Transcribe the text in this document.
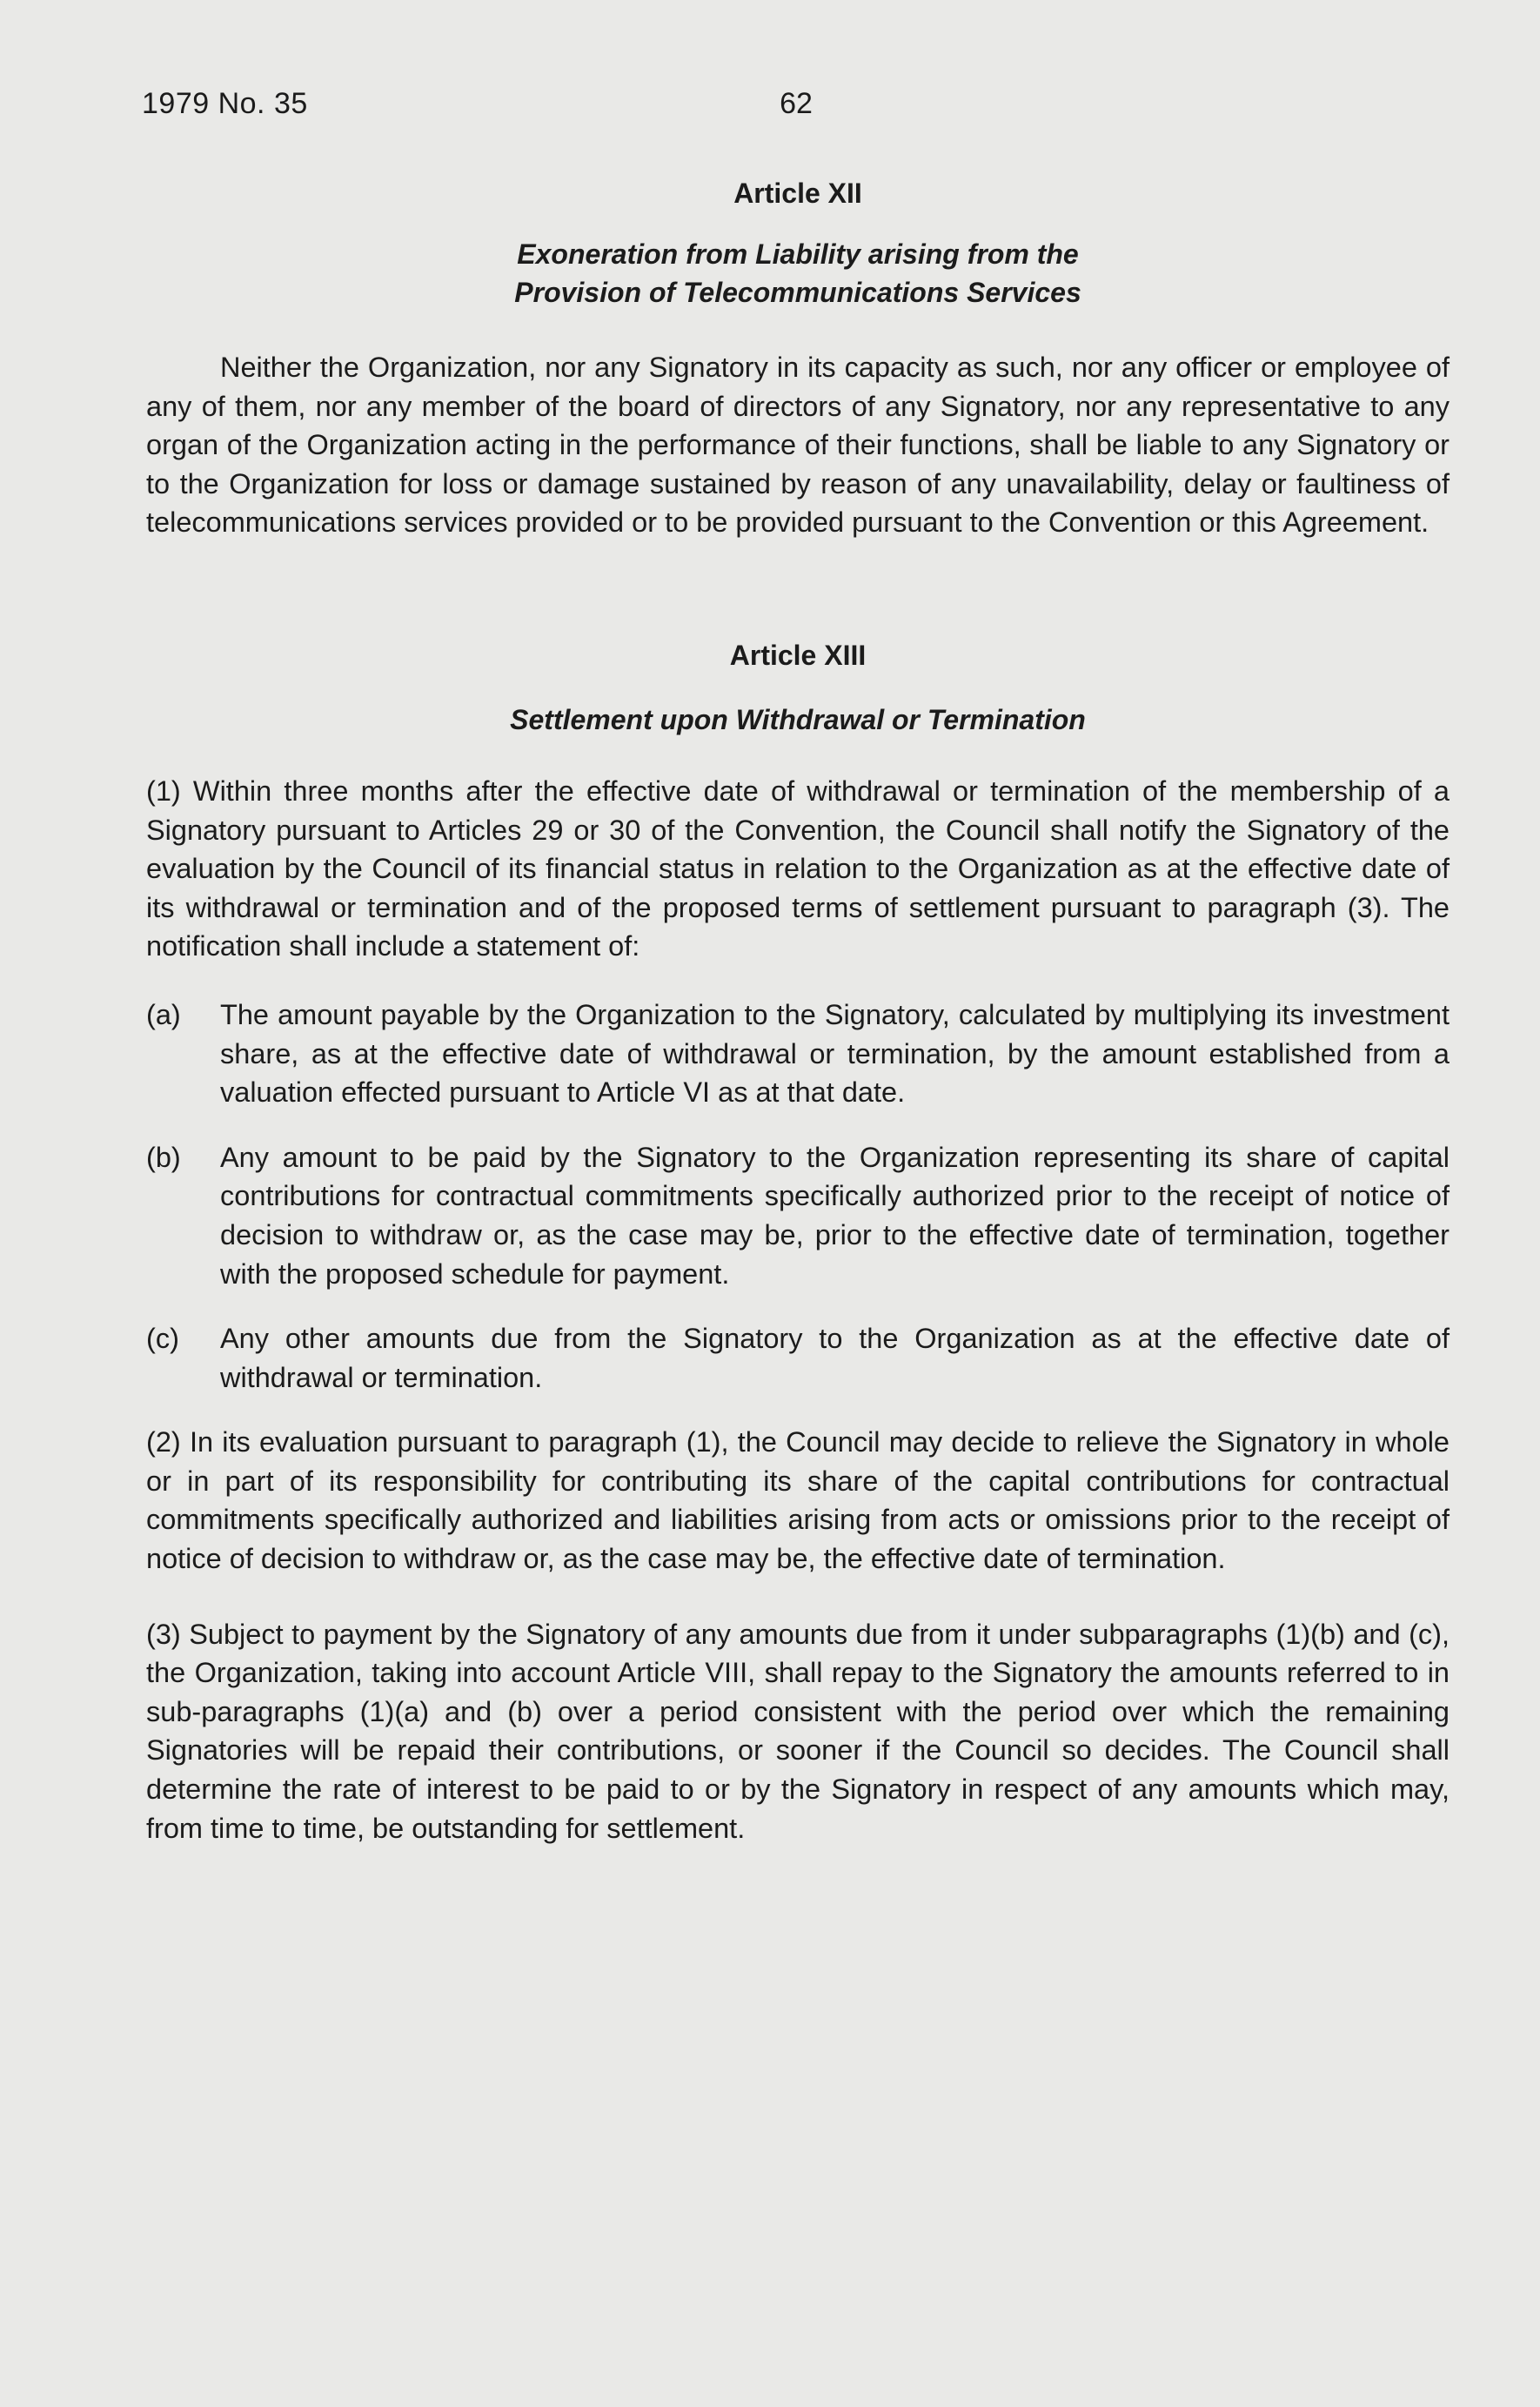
1979 No. 35	62
Article XII
Exoneration from Liability arising from the
Provision of Telecommunications Services

Neither the Organization, nor any Signatory in its capacity as such, nor any officer or employee of any of them, nor any member of the board of directors of any Signatory, nor any representative to any organ of the Organization acting in the performance of their functions, shall be liable to any Signatory or to the Organization for loss or damage sustained by reason of any unavailability, delay or faultiness of telecommunications services provided or to be provided pursuant to the Convention or this Agreement.

Article XIII
Settlement upon Withdrawal or Termination

(1) Within three months after the effective date of withdrawal or termination of the membership of a Signatory pursuant to Articles 29 or 30 of the Convention, the Council shall notify the Signatory of the evaluation by the Council of its financial status in relation to the Organization as at the effective date of its withdrawal or termination and of the proposed terms of settlement pursuant to paragraph (3). The notification shall include a statement of:

(a)	The amount payable by the Organization to the Signatory, calculated by multiplying its investment share, as at the effective date of withdrawal or termination, by the amount established from a valuation effected pursuant to Article VI as at that date.
(b)	Any amount to be paid by the Signatory to the Organization representing its share of capital contributions for contractual commitments specifically authorized prior to the receipt of notice of decision to withdraw or, as the case may be, prior to the effective date of termination, together with the proposed schedule for payment.
(c)	Any other amounts due from the Signatory to the Organization as at the effective date of withdrawal or termination.

(2) In its evaluation pursuant to paragraph (1), the Council may decide to relieve the Signatory in whole or in part of its responsibility for contributing its share of the capital contributions for contractual commitments specifically authorized and liabilities arising from acts or omissions prior to the receipt of notice of decision to withdraw or, as the case may be, the effective date of termination.

(3) Subject to payment by the Signatory of any amounts due from it under subparagraphs (1)(b) and (c), the Organization, taking into account Article VIII, shall repay to the Signatory the amounts referred to in sub-paragraphs (1)(a) and (b) over a period consistent with the period over which the remaining Signatories will be repaid their contributions, or sooner if the Council so decides. The Council shall determine the rate of interest to be paid to or by the Signatory in respect of any amounts which may, from time to time, be outstanding for settlement.
